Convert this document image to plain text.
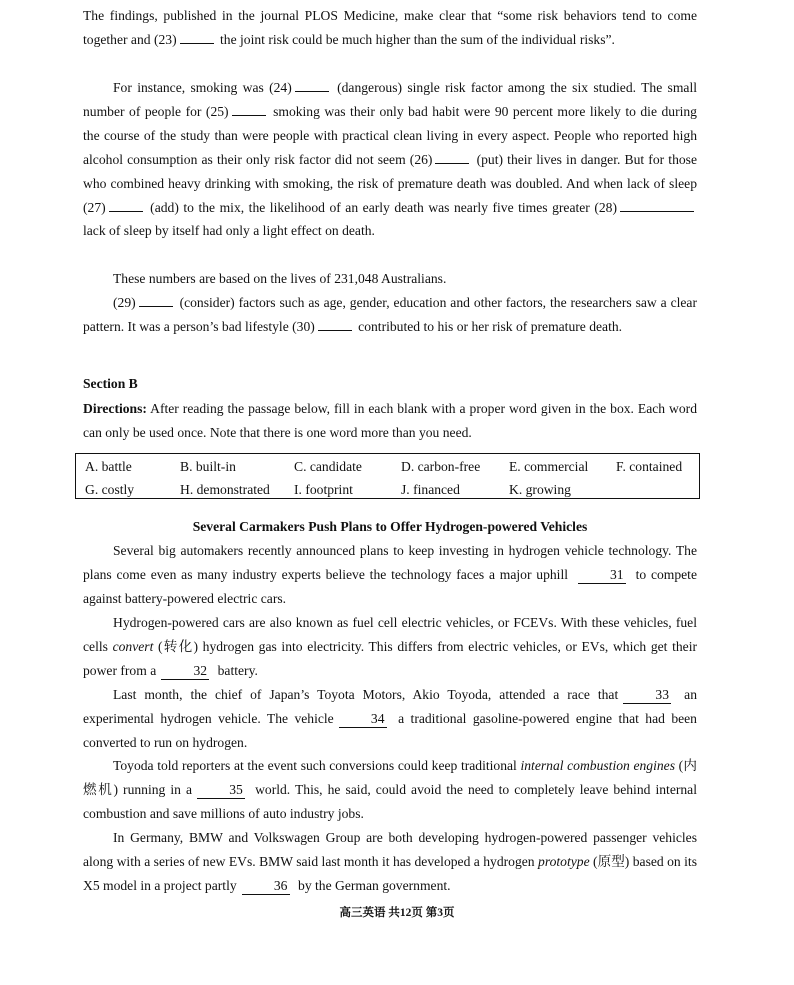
The findings, published in the journal PLOS Medicine, make clear that “some risk behaviors tend to come together and (23)	the joint risk could be much higher than the sum of the individual risks”.

For instance, smoking was (24)	(dangerous) single risk factor among the six studied. The small number of people for (25)	smoking was their only bad habit were 90 percent more likely to die during the course of the study than were people with practical clean living in every aspect. People who reported high alcohol consumption as their only risk factor did not seem (26)	(put) their lives in danger. But for those who combined heavy drinking with smoking, the risk of premature death was doubled. And when lack of sleep (27)	(add) to the mix, the likelihood of an early death was nearly five times greater (28) lack of sleep by itself had only a light effect on death.

These numbers are based on the lives of 231,048 Australians.

(29)	(consider) factors such as age, gender, education and other factors, the researchers saw a clear pattern. It was a person’s bad lifestyle (30)	contributed to his or her risk of premature death.

Section B

Directions: After reading the passage below, fill in each blank with a proper word given in the box. Each word can only be used once. Note that there is one word more than you need.

A. battle	B. built-in	C. candidate	D. carbon-free E. commercial F. contained
G. costly	H. demonstrated I. footprint	J. financed	K. growing

Several Carmakers Push Plans to Offer Hydrogen-powered Vehicles

Several big automakers recently announced plans to keep investing in hydrogen vehicle technology. The plans come even as many industry experts believe the technology faces a major uphill	31 to compete against battery-powered electric cars.

Hydrogen-powered cars are also known as fuel cell electric vehicles, or FCEVs. With these vehicles, fuel cells convert (转化) hydrogen gas into electricity. This differs from electric vehicles, or EVs, which get their power from a	32 battery.

Last month, the chief of Japan’s Toyota Motors, Akio Toyoda, attended a race that	33 an experimental hydrogen vehicle. The vehicle	34 a traditional gasoline-powered engine that had been converted to run on hydrogen.

Toyoda told reporters at the event such conversions could keep traditional internal combustion engines (内燃机) running in a	35 world. This, he said, could avoid the need to completely leave behind internal combustion and save millions of auto industry jobs.

In Germany, BMW and Volkswagen Group are both developing hydrogen-powered passenger vehicles along with a series of new EVs. BMW said last month it has developed a hydrogen prototype (原型) based on its X5 model in a project partly	36 by the German government.

高三英语 共12页 第3页
